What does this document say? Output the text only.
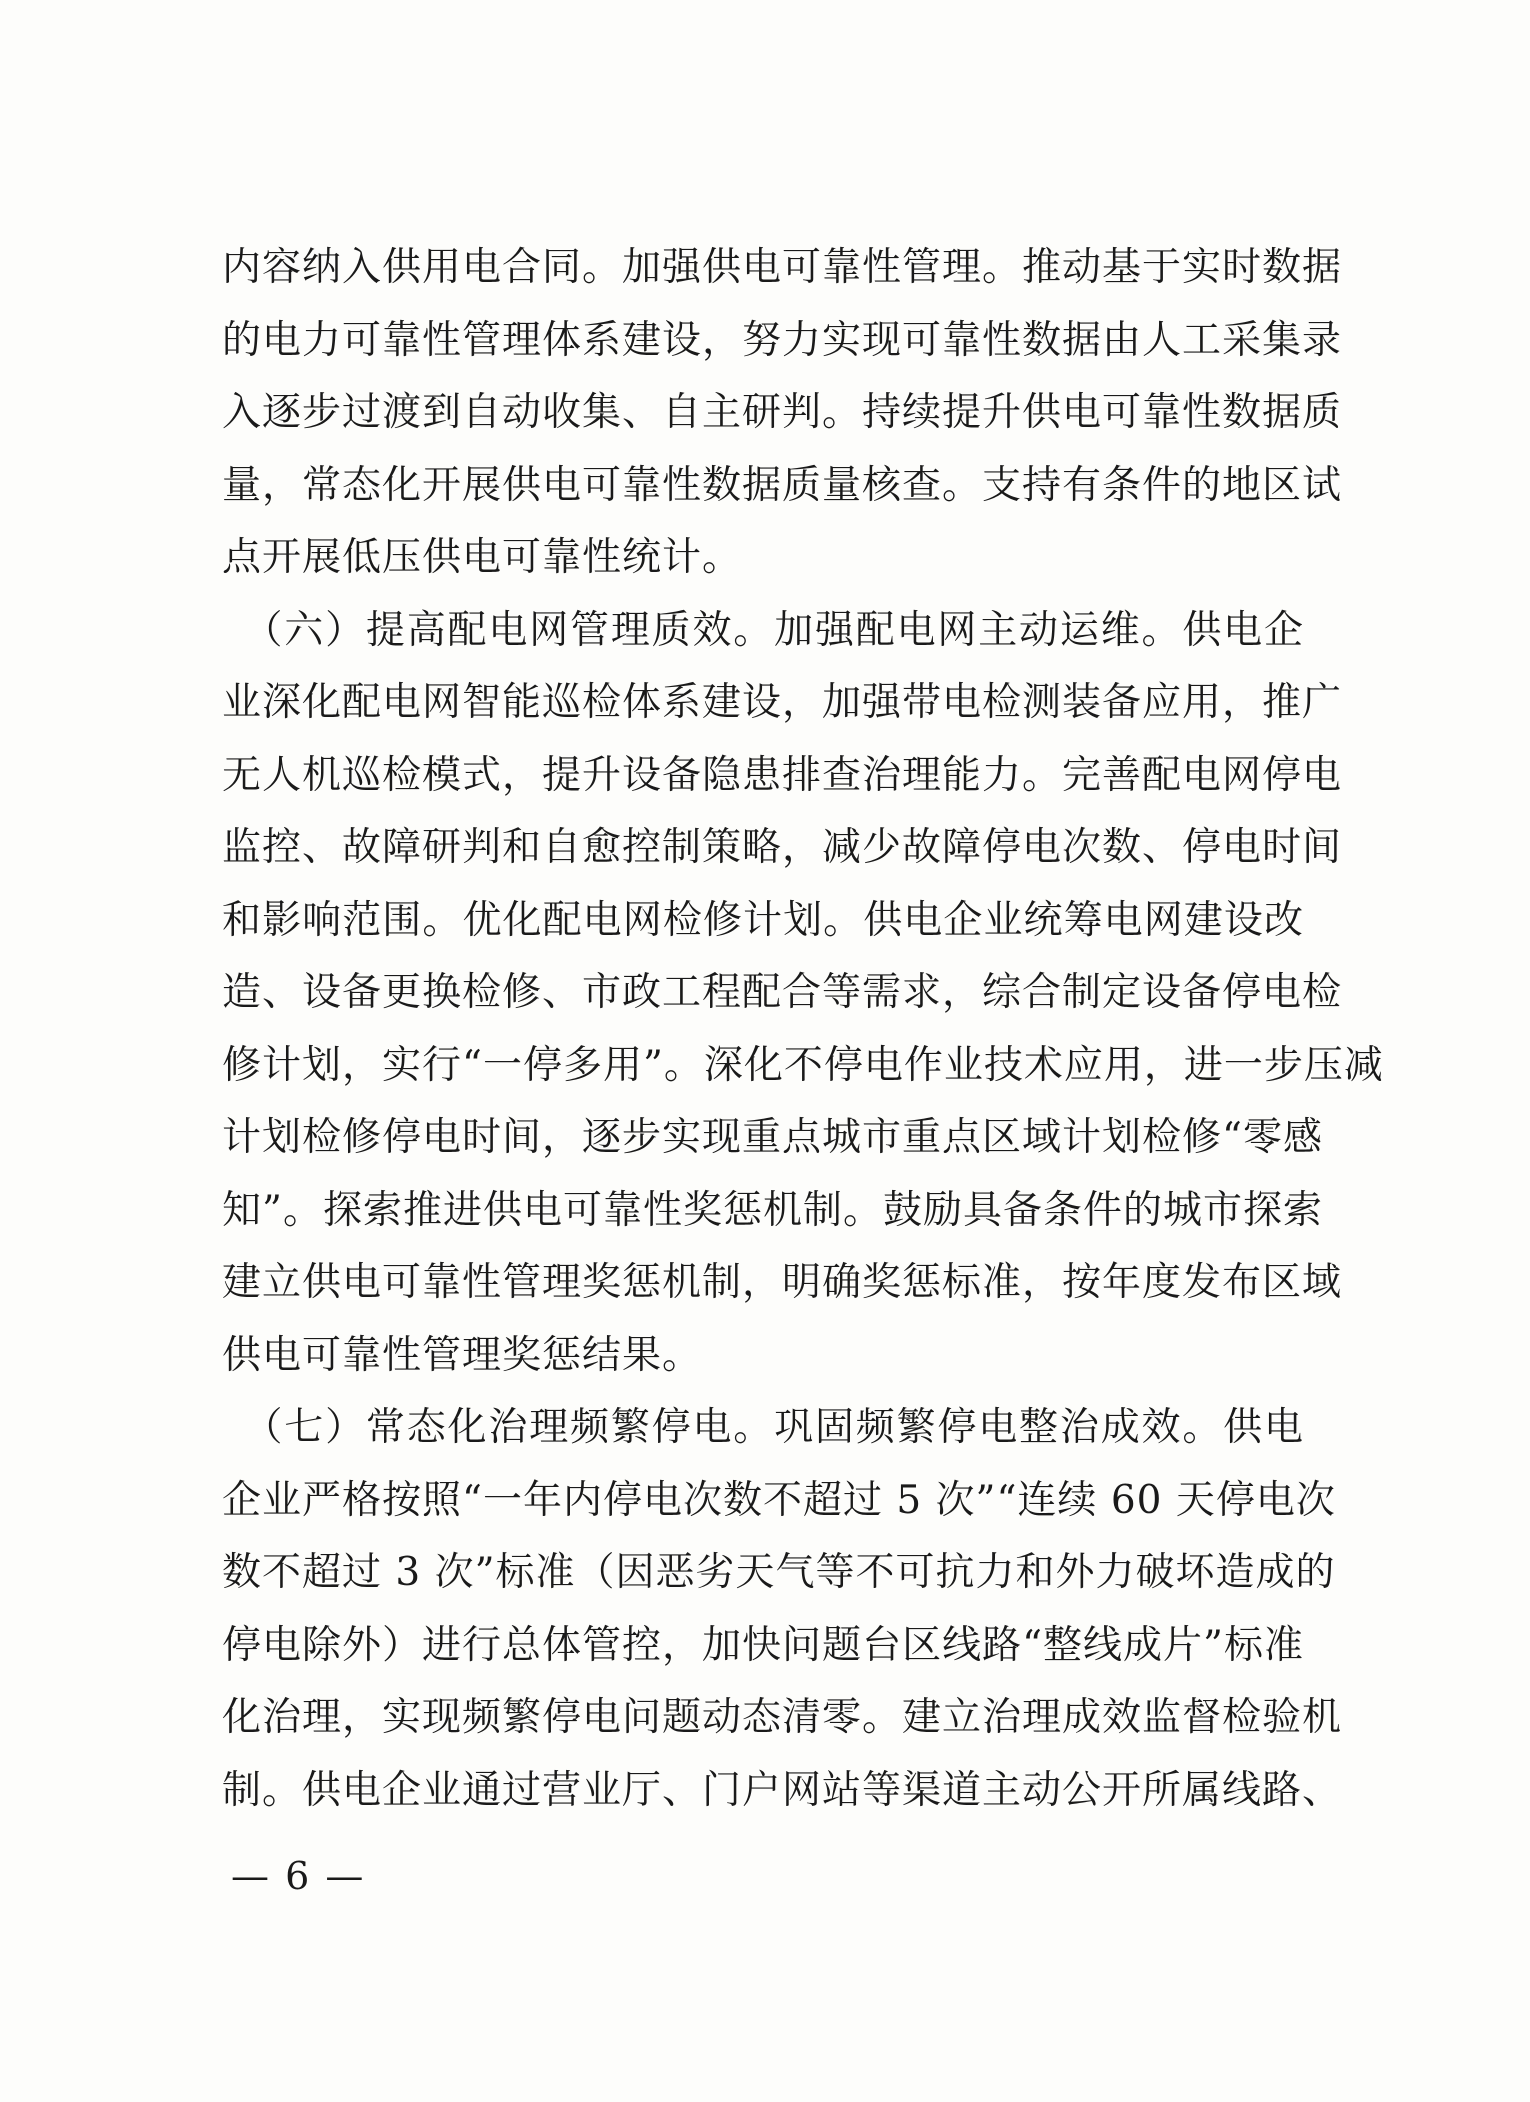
内容纳入供用电合同。加强供电可靠性管理。推动基于实时数据
的电力可靠性管理体系建设，努力实现可靠性数据由人工采集录
入逐步过渡到自动收集、自主研判。持续提升供电可靠性数据质
量，常态化开展供电可靠性数据质量核查。支持有条件的地区试
点开展低压供电可靠性统计。
（六）提高配电网管理质效。加强配电网主动运维。供电企
业深化配电网智能巡检体系建设，加强带电检测装备应用，推广
无人机巡检模式，提升设备隐患排查治理能力。完善配电网停电
监控、故障研判和自愈控制策略，减少故障停电次数、停电时间
和影响范围。优化配电网检修计划。供电企业统筹电网建设改
造、设备更换检修、市政工程配合等需求，综合制定设备停电检
修计划，实行“一停多用”。深化不停电作业技术应用，进一步压减
计划检修停电时间，逐步实现重点城市重点区域计划检修“零感
知”。探索推进供电可靠性奖惩机制。鼓励具备条件的城市探索
建立供电可靠性管理奖惩机制，明确奖惩标准，按年度发布区域
供电可靠性管理奖惩结果。
（七）常态化治理频繁停电。巩固频繁停电整治成效。供电
企业严格按照“一年内停电次数不超过 5 次”“连续 60 天停电次
数不超过 3 次”标准（因恶劣天气等不可抗力和外力破坏造成的
停电除外）进行总体管控，加快问题台区线路“整线成片”标准
化治理，实现频繁停电问题动态清零。建立治理成效监督检验机
制。供电企业通过营业厅、门户网站等渠道主动公开所属线路、
— 6 —
